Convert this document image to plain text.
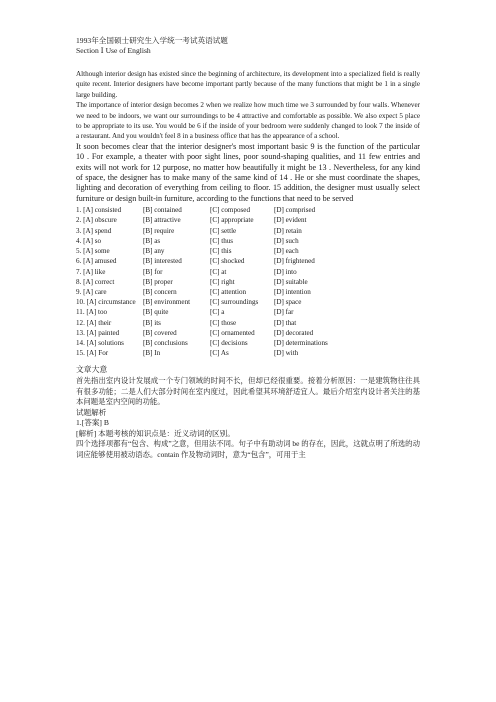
1993年全国硕士研究生入学统一考试英语试题
Section Ⅰ Use of English

Although interior design has existed since the beginning of architecture, its development into a specialized field is really quite recent. Interior designers have become important partly because of the many functions that might be 1 in a single large building.

The importance of interior design becomes 2 when we realize how much time we 3 surrounded by four walls. Whenever we need to be indoors, we want our surroundings to be 4 attractive and comfortable as possible. We also expect 5 place to be appropriate to its use. You would be 6 if the inside of your bedroom were suddenly changed to look 7 the inside of a restaurant. And you wouldn't feel 8 in a business office that has the appearance of a school.

It soon becomes clear that the interior designer's most important basic 9 is the function of the particular 10 . For example, a theater with poor sight lines, poor sound-shaping qualities, and 11 few entries and exits will not work for 12 purpose, no matter how beautifully it might be 13 . Nevertheless, for any kind of space, the designer has to make many of the same kind of 14 . He or she must coordinate the shapes, lighting and decoration of everything from ceiling to floor. 15 addition, the designer must usually select furniture or design built-in furniture, according to the functions that need to be served

1. [A] consisted	[B] contained	[C] composed	[D] comprised
2. [A] obscure	[B] attractive	[C] appropriate	[D] evident
3. [A] spend	[B] require	[C] settle	[D] retain
4. [A] so	[B] as	[C] thus	[D] such
5. [A] some	[B] any	[C] this	[D] each
6. [A] amused	[B] interested	[C] shocked	[D] frightened
7. [A] like	[B] for	[C] at	[D] into
8. [A] correct	[B] proper	[C] right	[D] suitable
9. [A] care	[B] concern	[C] attention	[D] intention
10. [A] circumstance	[B] environment	[C] surroundings	[D] space
11. [A] too	[B] quite	[C] a	[D] far
12. [A] their	[B] its	[C] those	[D] that
13. [A] painted	[B] covered	[C] ornamented	[D] decorated
14. [A] solutions	[B] conclusions	[C] decisions	[D] determinations
15. [A] For	[B] In	[C] As	[D] with
文章大意

首先指出室内设计发展成一个专门领域的时间不长，但却已经很重要。接着分析原因：一是建筑物往往具有很多功能；二是人们大部分时间在室内度过，因此希望其环境舒适宜人。最后介绍室内设计者关注的基本问题是室内空间的功能。

试题解析
1.[答案] B
[解析] 本题考核的知识点是：近义动词的区别。

四个选择项都有“包含、构成”之意，但用法不同。句子中有助动词 be 的存在，因此，这就点明了所选的动词应能够使用被动语态。contain 作及物动词时，意为“包含”，可用于主
